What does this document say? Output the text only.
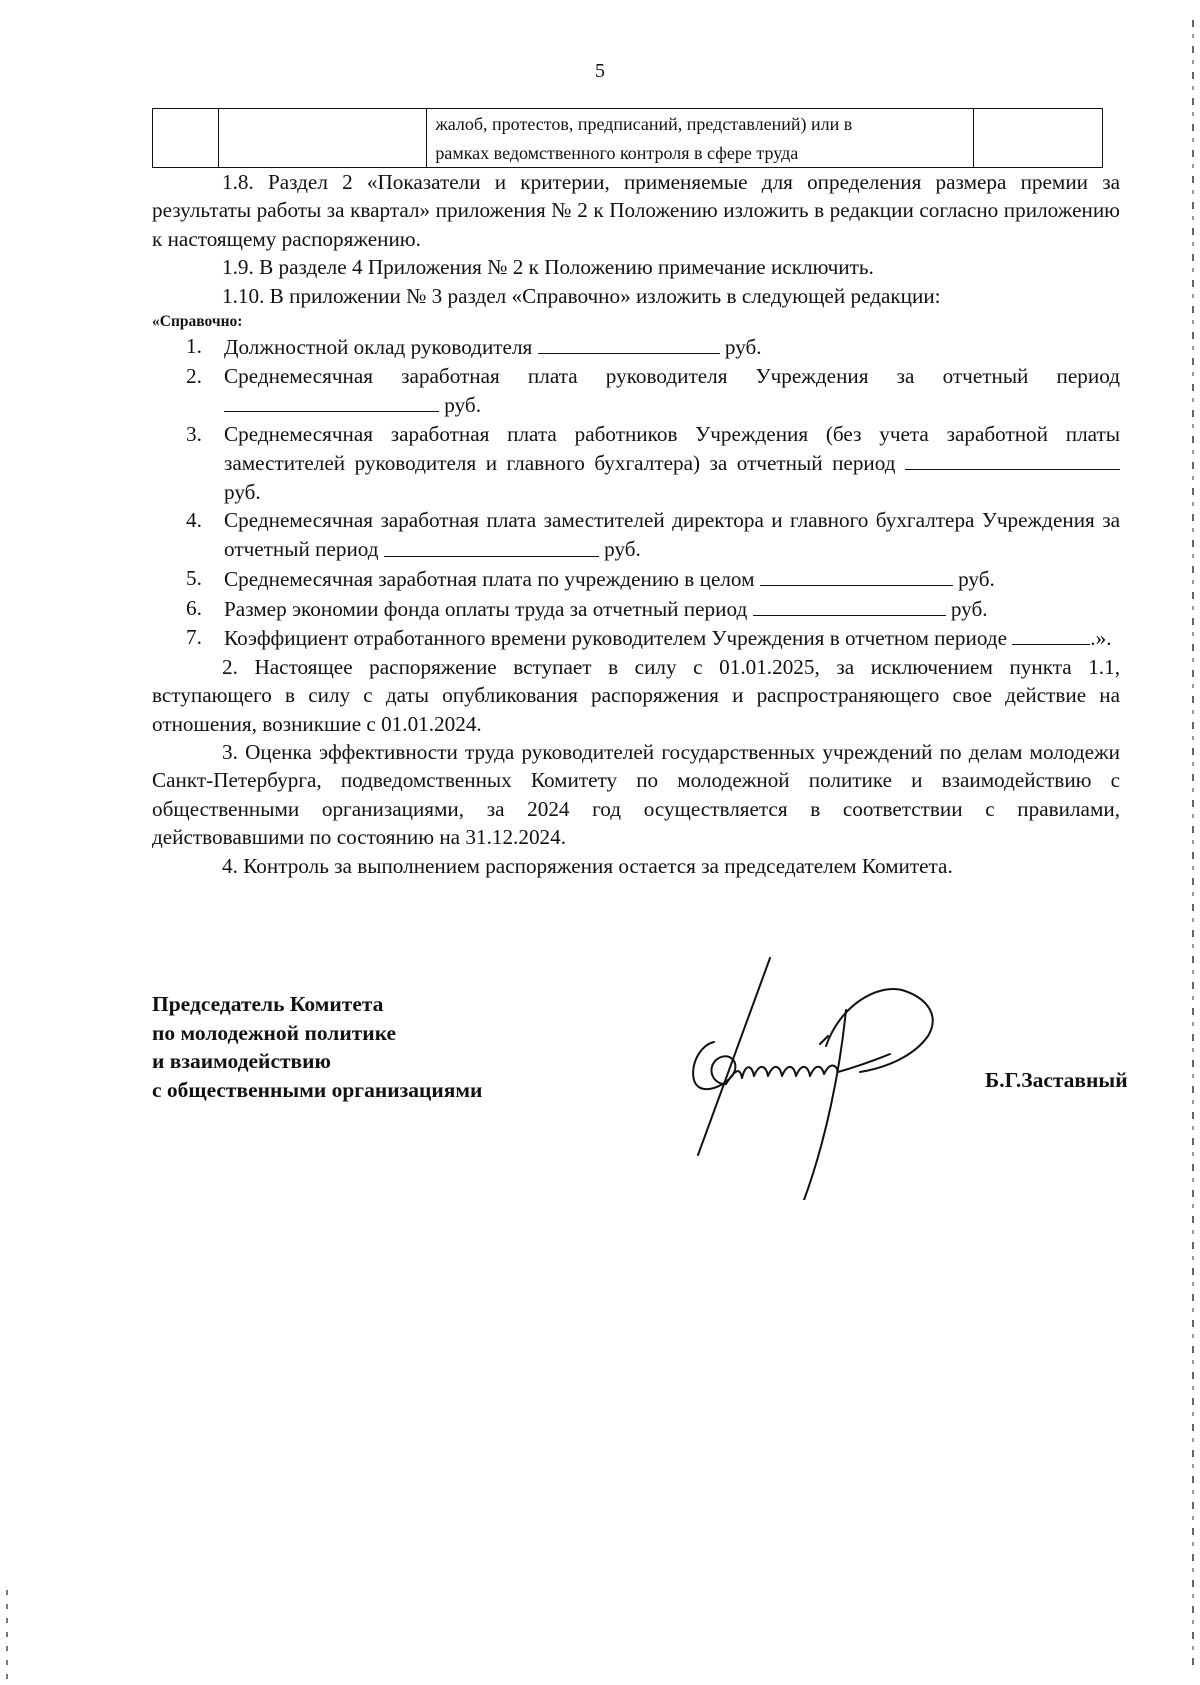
5

жалоб, протестов, предписаний, представлений) или в
рамках ведомственного контроля в сфере труда

1.8. Раздел 2 «Показатели и критерии, применяемые для определения размера премии за результаты работы за квартал» приложения № 2 к Положению изложить в редакции согласно приложению к настоящему распоряжению.

1.9. В разделе 4 Приложения № 2 к Положению примечание исключить.

1.10. В приложении № 3 раздел «Справочно» изложить в следующей редакции:

«Справочно:
1. Должностной оклад руководителя	руб.
2. Среднемесячная заработная плата руководителя Учреждения за отчетный период  руб.
3. Среднемесячная заработная плата работников Учреждения (без учета заработной платы заместителей руководителя и главного бухгалтера) за отчетный период  руб.
4. Среднемесячная заработная плата заместителей директора и главного бухгалтера Учреждения за отчетный период	руб.
5. Среднемесячная заработная плата по учреждению в целом	руб.
6. Размер экономии фонда оплаты труда за отчетный период	руб.
7. Коэффициент отработанного времени руководителем Учреждения в отчетном периоде	.».

2. Настоящее распоряжение вступает в силу с 01.01.2025, за исключением пункта 1.1, вступающего в силу с даты опубликования распоряжения и распространяющего свое действие на отношения, возникшие с 01.01.2024.

3. Оценка эффективности труда руководителей государственных учреждений по делам молодежи Санкт-Петербурга, подведомственных Комитету по молодежной политике и взаимодействию с общественными организациями, за 2024 год осуществляется в соответствии с правилами, действовавшими по состоянию на 31.12.2024.

4. Контроль за выполнением распоряжения остается за председателем Комитета.

Председатель Комитета
по молодежной политике
и взаимодействию
с общественными организациями	Б.Г.Заставный
